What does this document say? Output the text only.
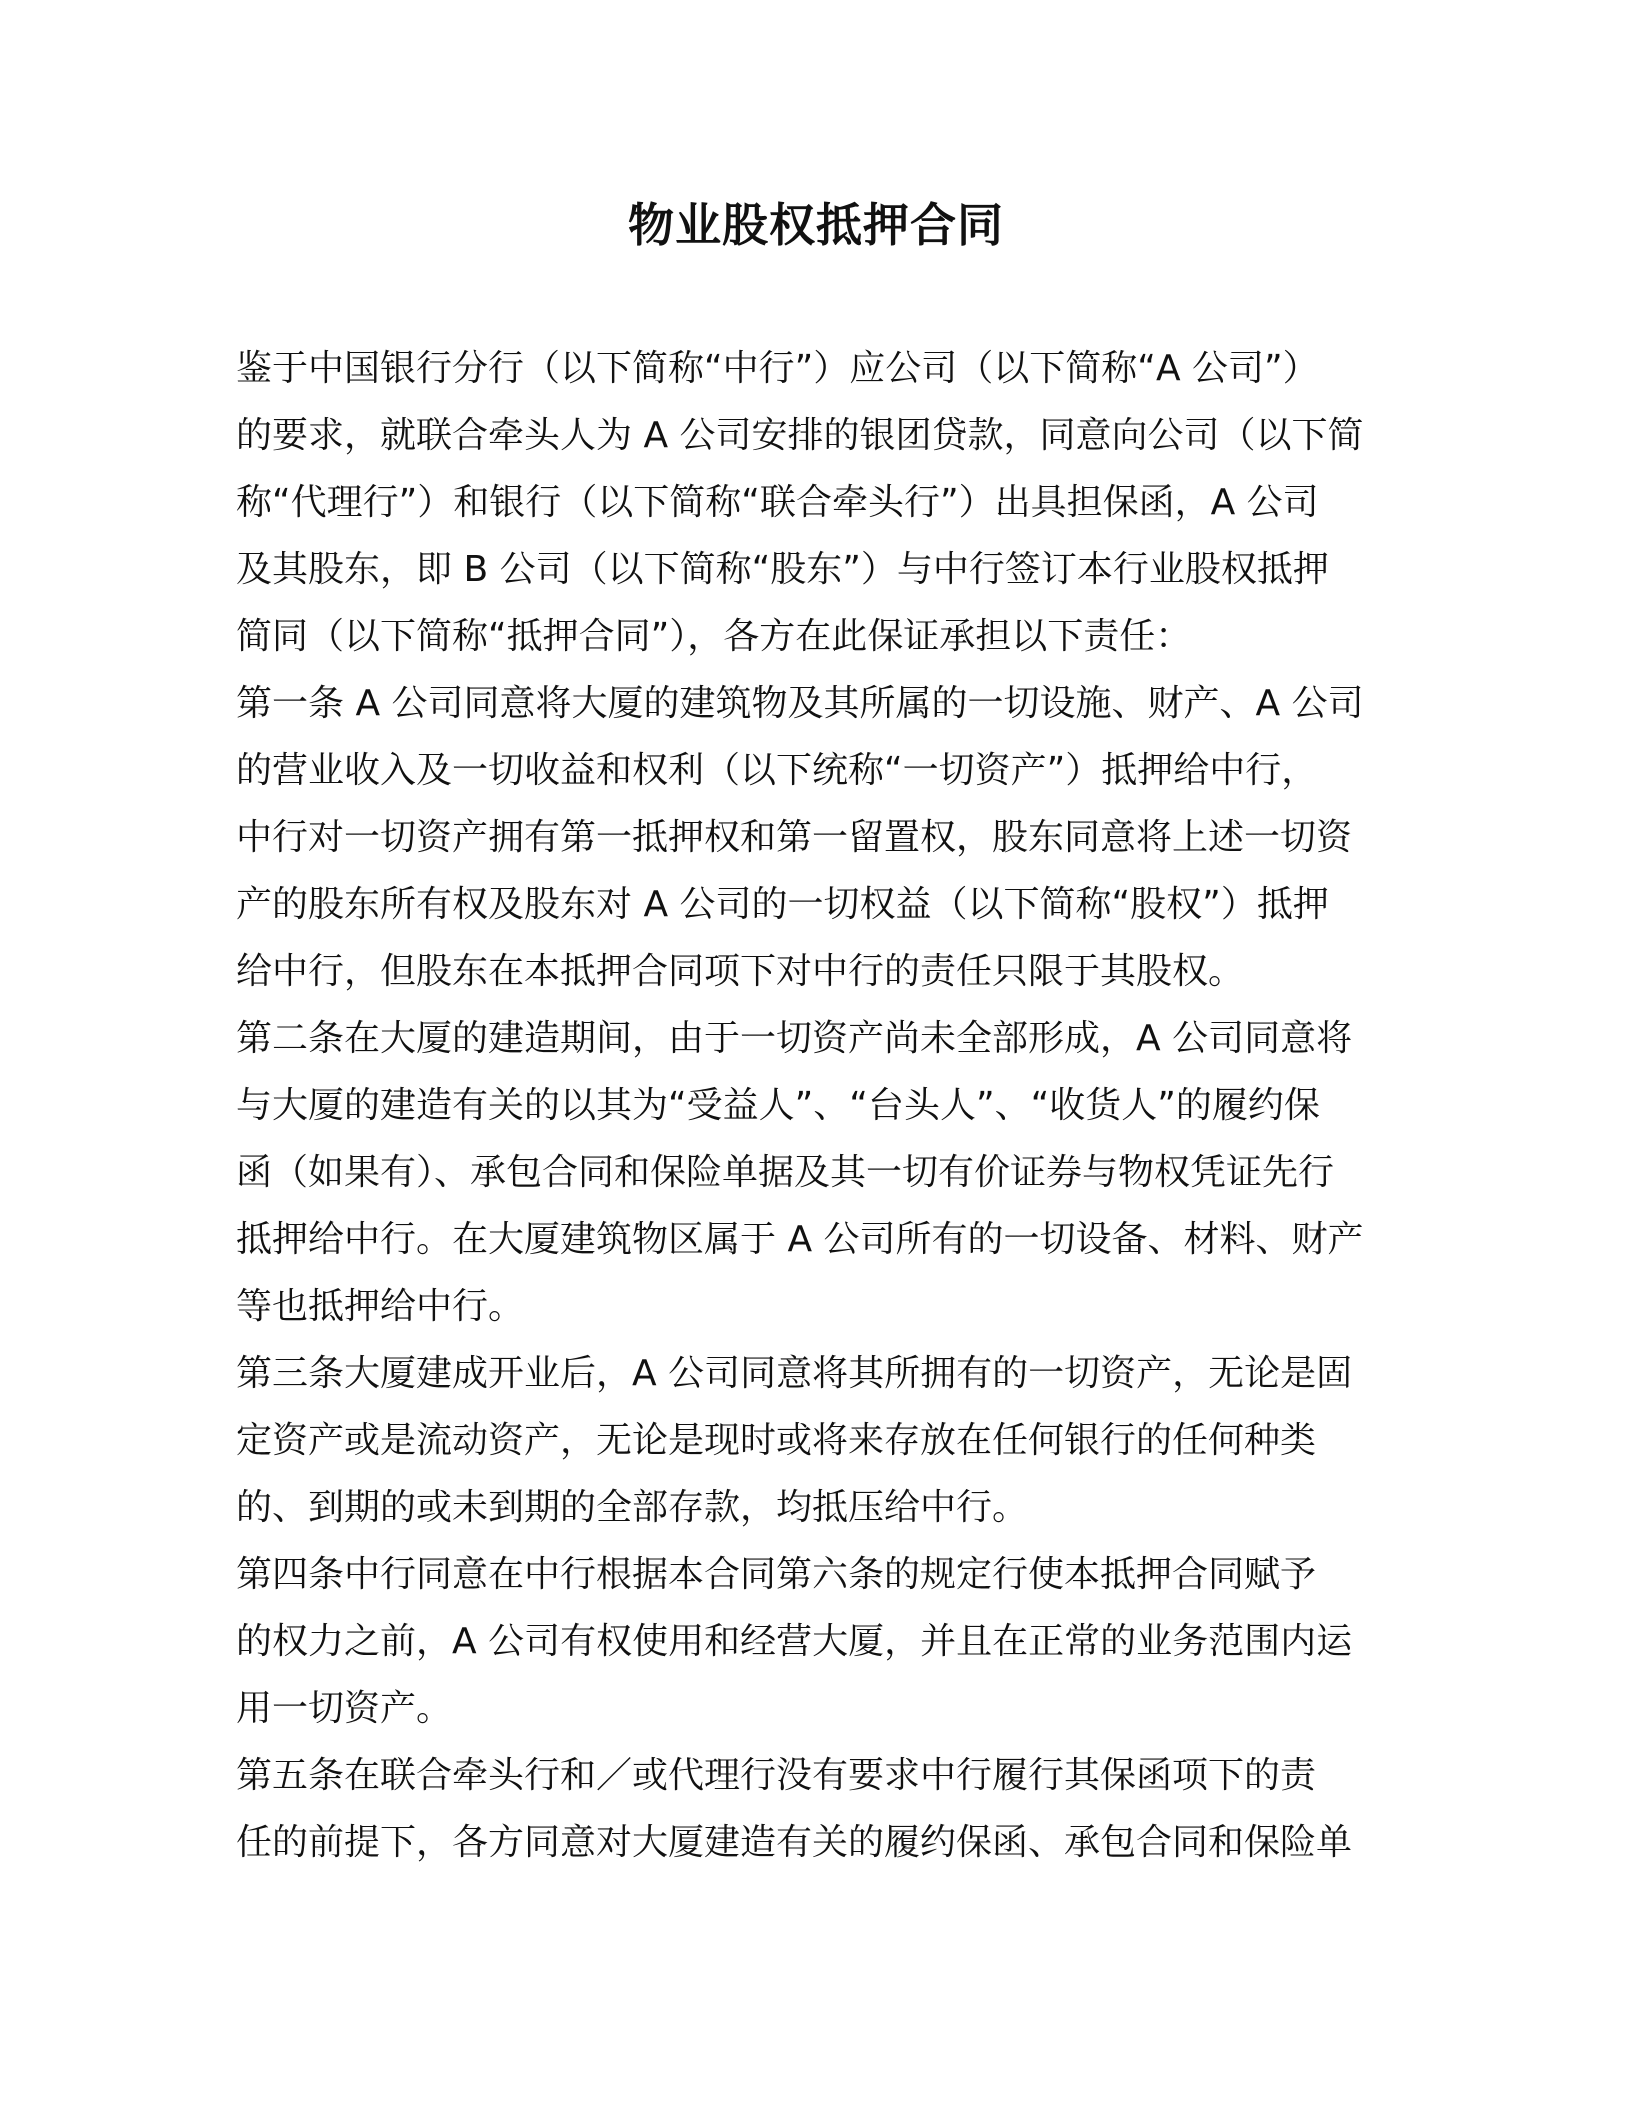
物业股权抵押合同
鉴于中国银行分行（以下简称“中行”）应公司（以下简称“A 公司”）
的要求，就联合牵头人为 A 公司安排的银团贷款，同意向公司（以下简
称“代理行”）和银行（以下简称“联合牵头行”）出具担保函，A 公司
及其股东，即 B 公司（以下简称“股东”）与中行签订本行业股权抵押
简同（以下简称“抵押合同”），各方在此保证承担以下责任：
第一条 A 公司同意将大厦的建筑物及其所属的一切设施、财产、A 公司
的营业收入及一切收益和权利（以下统称“一切资产”）抵押给中行，
中行对一切资产拥有第一抵押权和第一留置权，股东同意将上述一切资
产的股东所有权及股东对 A 公司的一切权益（以下简称“股权”）抵押
给中行，但股东在本抵押合同项下对中行的责任只限于其股权。
第二条在大厦的建造期间，由于一切资产尚未全部形成，A 公司同意将
与大厦的建造有关的以其为“受益人”、“台头人”、“收货人”的履约保
函（如果有）、承包合同和保险单据及其一切有价证券与物权凭证先行
抵押给中行。在大厦建筑物区属于 A 公司所有的一切设备、材料、财产
等也抵押给中行。
第三条大厦建成开业后，A 公司同意将其所拥有的一切资产，无论是固
定资产或是流动资产，无论是现时或将来存放在任何银行的任何种类
的、到期的或未到期的全部存款，均抵压给中行。
第四条中行同意在中行根据本合同第六条的规定行使本抵押合同赋予
的权力之前，A 公司有权使用和经营大厦，并且在正常的业务范围内运
用一切资产。
第五条在联合牵头行和／或代理行没有要求中行履行其保函项下的责
任的前提下，各方同意对大厦建造有关的履约保函、承包合同和保险单
